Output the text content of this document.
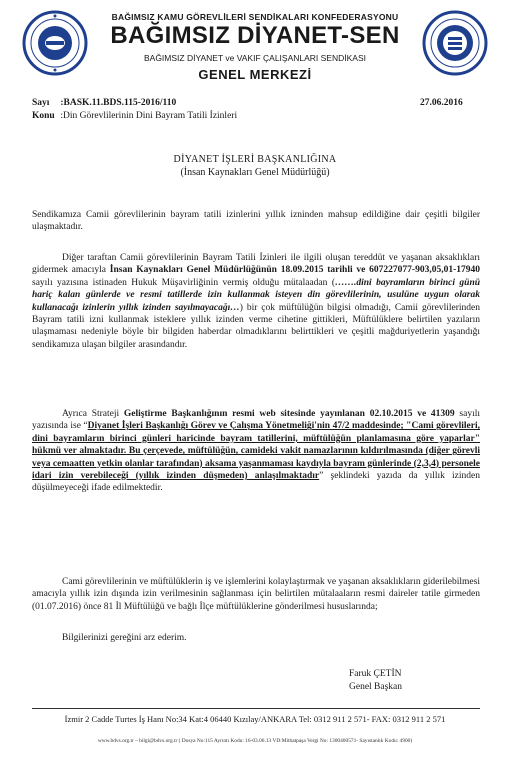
BAĞIMSIZ KAMU GÖREVLİLERİ SENDİKALARI KONFEDERASYONU
BAĞIMSIZ DİYANET-SEN
BAĞIMSIZ DİYANET ve VAKIF ÇALIŞANLARI SENDİKASI
GENEL MERKEZİ
Sayı :BASK.11.BDS.115-2016/110
Konu :Din Görevlilerinin Dini Bayram Tatili İzinleri
27.06.2016
DİYANET İŞLERİ BAŞKANLIĞINA
(İnsan Kaynakları Genel Müdürlüğü)
Sendikamıza Camii görevlilerinin bayram tatili izinlerini yıllık izninden mahsup edildiğine dair çeşitli bilgiler ulaşmaktadır.
Diğer taraftan Camii görevlilerinin Bayram Tatili İzinleri ile ilgili oluşan tereddüt ve yaşanan aksaklıkları gidermek amacıyla İnsan Kaynakları Genel Müdürlüğünün 18.09.2015 tarihli ve 607227077-903,05,01-17940 sayılı yazısına istinaden Hukuk Müşavirliğinin vermiş olduğu mütalaadan (…….dini bayramların birinci günü hariç kalan günlerde ve resmi tatillerde izin kullanmak isteyen din görevlilerinin, usulüne uygun olarak kullanacağı izinlerin yıllık izinden sayılmayacağı…) bir çok müftülüğün bilgisi olmadığı, Camii görevlilerinden Bayram tatili izni kullanmak isteklere yıllık izinden verme cihetine gittikleri, Müftülüklere belirtilen yazıların ulaşmaması nedeniyle böyle bir bilgiden haberdar olmadıklarını belirttikleri ve çeşitli mağduriyetlerin yaşandığı sendikamıza ulaşan bilgiler arasındandır.
Ayrıca Strateji Geliştirme Başkanlığının resmi web sitesinde yayınlanan 02.10.2015 ve 41309 sayılı yazısında ise “Diyanet İşleri Başkanlığı Görev ve Çalışma Yönetmeliği'nin 47/2 maddesinde; "Cami görevlileri, dini bayramların birinci günleri haricinde bayram tatillerini, müftülüğün planlamasına göre yaparlar" hükmü ver almaktadır. Bu çerçevede, müftülüğün, camideki vakit namazlarının kıldırılmasında (diğer görevli veya cemaatten yetkin olanlar tarafından) aksama yaşanmaması kaydıyla bayram günlerinde (2,3,4) personele idari izin verebileceği (yıllık izinden düşmeden) anlaşılmaktadır” şeklindeki yazıda da yıllık izinden düşülmeyeceği ifade edilmektedir.
Cami görevlilerinin ve müftülüklerin iş ve işlemlerini kolaylaştırmak ve yaşanan aksaklıkların giderilebilmesi amacıyla yıllık izin dışında izin verilmesinin sağlanması için belirtilen mütalaaların resmi daireler tatile girmeden (01.07.2016) önce 81 İl Müftülüğü ve bağlı İlçe müftülüklerine gönderilmesi hususlarında;
Bilgilerinizi gereğini arz ederim.
Faruk ÇETİN
Genel Başkan
İzmir 2 Cadde Turtes İş Hanı No:34 Kat:4 06440 Kızılay/ANKARA Tel: 0312 911 2 571- FAX: 0312 911 2 571
www.bdvs.org.tr – bilgi@bdvs.org.tr ( Dosya No:115 Ayrıntı Kodu: 16-03.06.13 VD:Mithatpaşa Vergi No: 1300400571- Sayıstanlık Kodu: 4900)
